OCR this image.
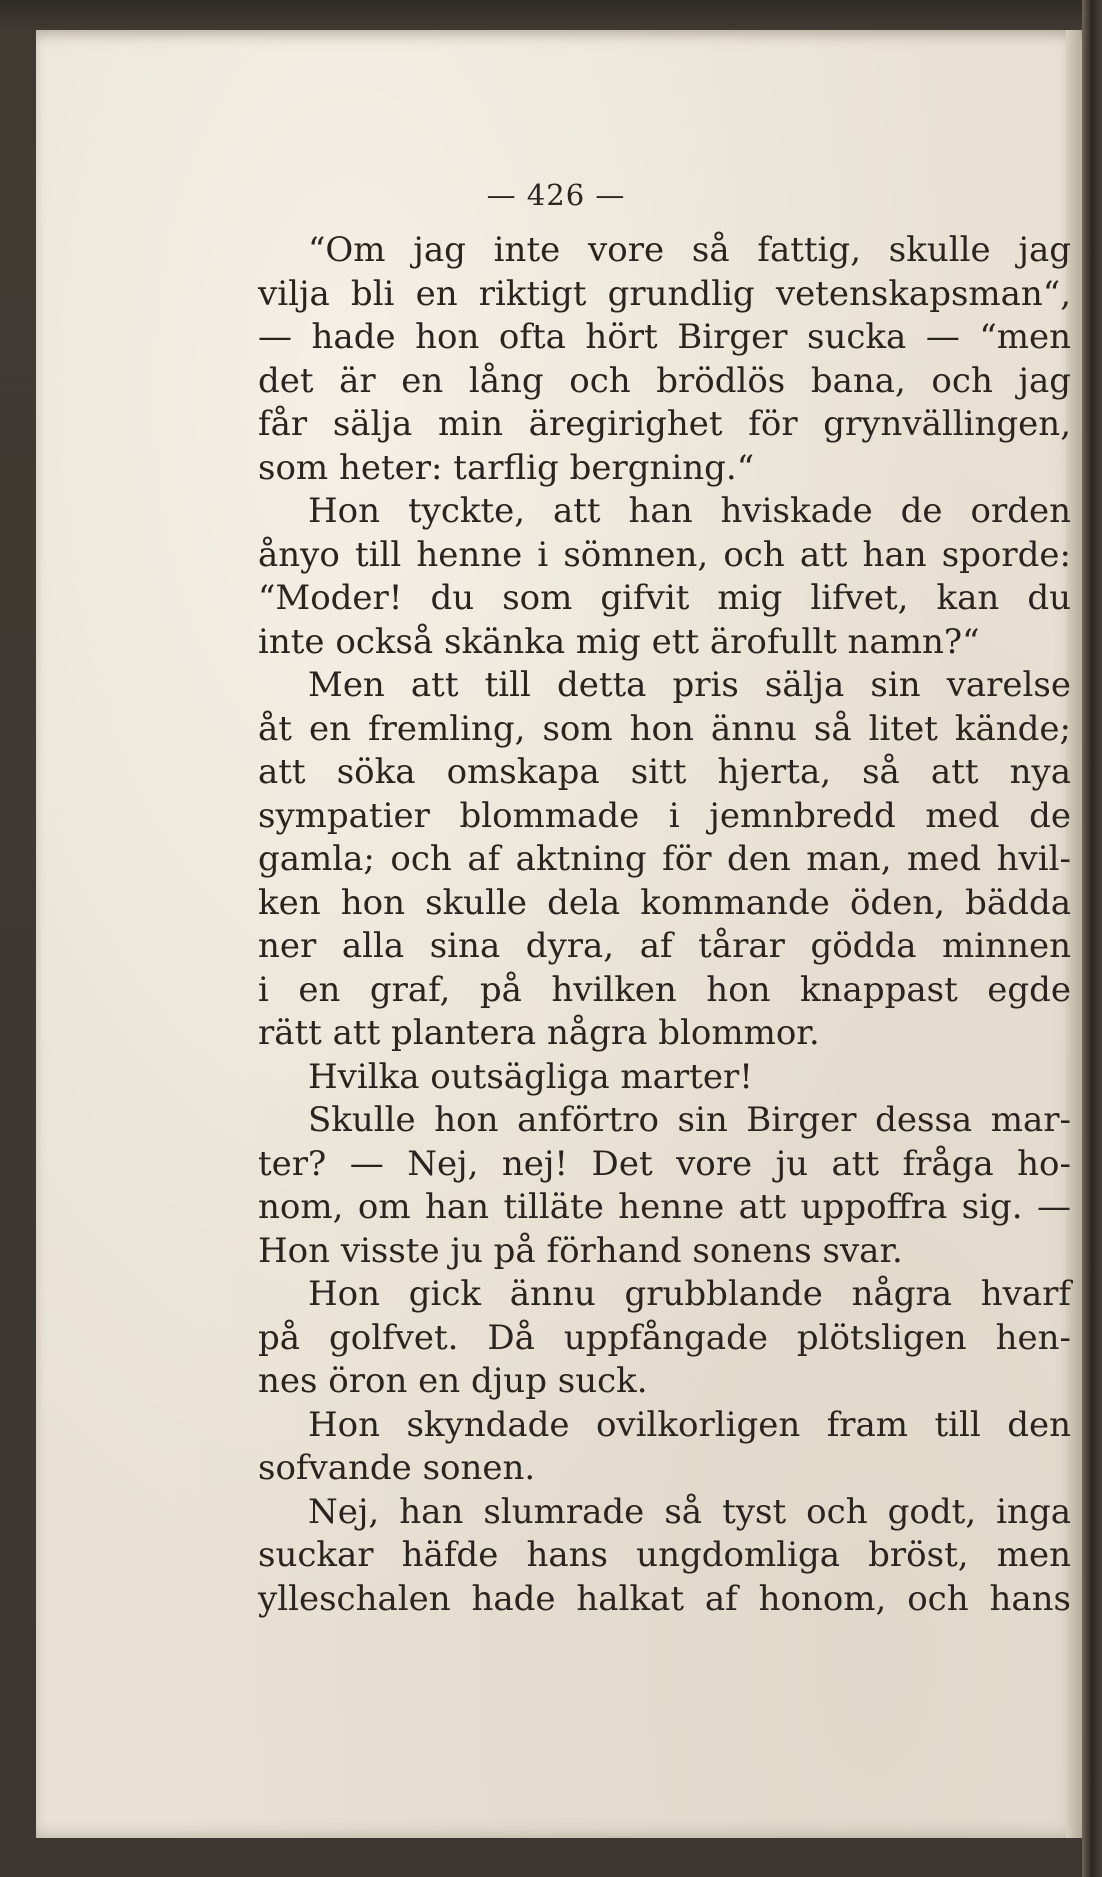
— 426 —
“Om jag inte vore så fattig, skulle jag
vilja bli en riktigt grundlig vetenskapsman“,
— hade hon ofta hört Birger sucka — “men
det är en lång och brödlös bana, och jag
får sälja min äregirighet för grynvällingen,
som heter: tarflig bergning.“
Hon tyckte, att han hviskade de orden
ånyo till henne i sömnen, och att han sporde:
“Moder! du som gifvit mig lifvet, kan du
inte också skänka mig ett ärofullt namn?“
Men att till detta pris sälja sin varelse
åt en fremling, som hon ännu så litet kände;
att söka omskapa sitt hjerta, så att nya
sympatier blommade i jemnbredd med de
gamla; och af aktning för den man, med hvil-
ken hon skulle dela kommande öden, bädda
ner alla sina dyra, af tårar gödda minnen
i en graf, på hvilken hon knappast egde
rätt att plantera några blommor.
Hvilka outsägliga marter!
Skulle hon anförtro sin Birger dessa mar-
ter? — Nej, nej! Det vore ju att fråga ho-
nom, om han tilläte henne att uppoffra sig. —
Hon visste ju på förhand sonens svar.
Hon gick ännu grubblande några hvarf
på golfvet. Då uppfångade plötsligen hen-
nes öron en djup suck.
Hon skyndade ovilkorligen fram till den
sofvande sonen.
Nej, han slumrade så tyst och godt, inga
suckar häfde hans ungdomliga bröst, men
ylleschalen hade halkat af honom, och hans
